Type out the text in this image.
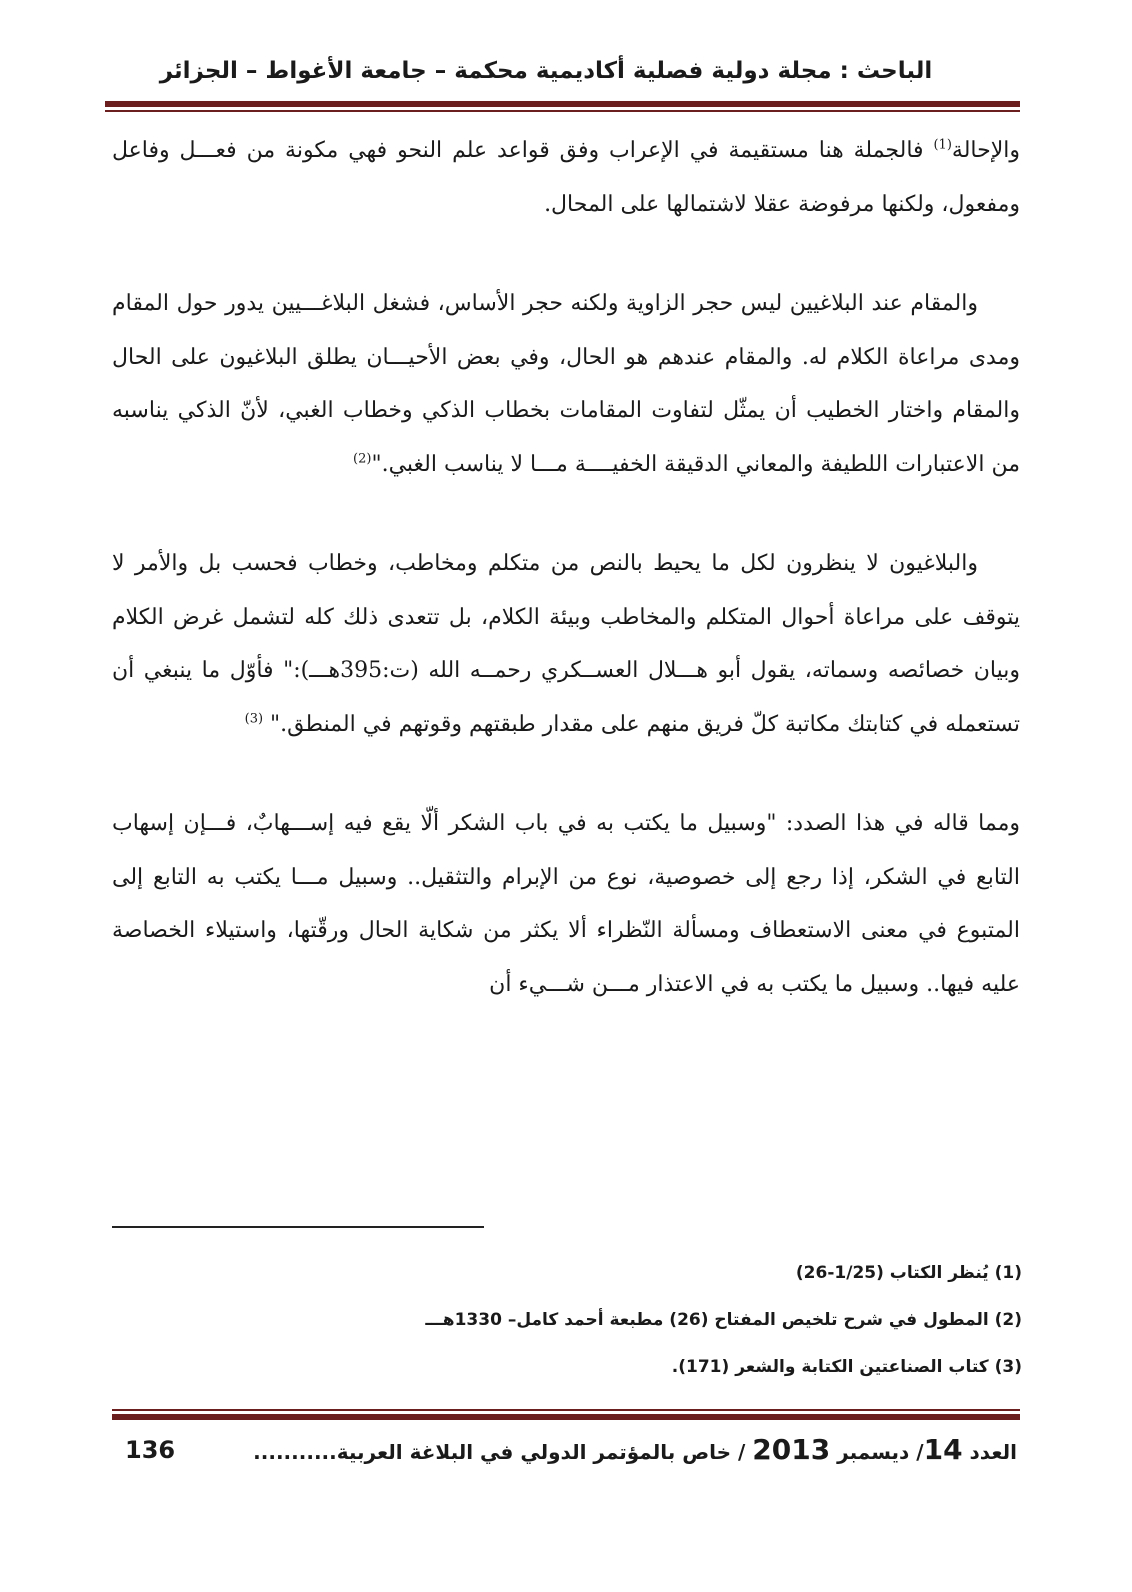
الباحث : مجلة دولية فصلية أكاديمية محكمة – جامعة الأغواط – الجزائر

والإحالة$^{(1)}$ فالجملة هنا مستقيمة في الإعراب وفق قواعد علم النحو فهي مكونة من فعـــل وفاعل ومفعول، ولكنها مرفوضة عقلا لاشتمالها على المحال.

والمقام عند البلاغيين ليس حجر الزاوية ولكنه حجر الأساس، فشغل البلاغـــيين يدور حول المقام ومدى مراعاة الكلام له. والمقام عندهم هو الحال، وفي بعض الأحيـــان يطلق البلاغيون على الحال والمقام واختار الخطيب أن يمثّل لتفاوت المقامات بخطاب الذكي وخطاب الغبي، لأنّ الذكي يناسبه من الاعتبارات اللطيفة والمعاني الدقيقة الخفيــــة مـــا لا يناسب الغبي."$^{(2)}$

والبلاغيون لا ينظرون لكل ما يحيط بالنص من متكلم ومخاطب، وخطاب فحسب بل والأمر لا يتوقف على مراعاة أحوال المتكلم والمخاطب وبيئة الكلام، بل تتعدى ذلك كله لتشمل غرض الكلام وبيان خصائصه وسماته، يقول أبو هـــلال العســكري رحمــه الله (ت:395هـــ):" فأوّل ما ينبغي أن تستعمله في كتابتك مكاتبة كلّ فريق منهم على مقدار طبقتهم وقوتهم في المنطق." $^{(3)}$

ومما قاله في هذا الصدد: "وسبيل ما يكتب به في باب الشكر ألّا يقع فيه إســـهابٌ، فـــإن إسهاب التابع في الشكر، إذا رجع إلى خصوصية، نوع من الإبرام والتثقيل.. وسبيل مـــا يكتب به التابع إلى المتبوع في معنى الاستعطاف ومسألة النّظراء ألا يكثر من شكاية الحال ورقّتها، واستيلاء الخصاصة عليه فيها.. وسبيل ما يكتب به في الاعتذار مـــن شـــيء أن

(1) يُنظر الكتاب (1/25-26)
(2) المطول في شرح تلخيص المفتاح (26) مطبعة أحمد كامل– 1330هـــ
(3) كتاب الصناعتين الكتابة والشعر (171).
العدد 14/ ديسمبر 2013 / خاص بالمؤتمر الدولي في البلاغة العربية...........
136
